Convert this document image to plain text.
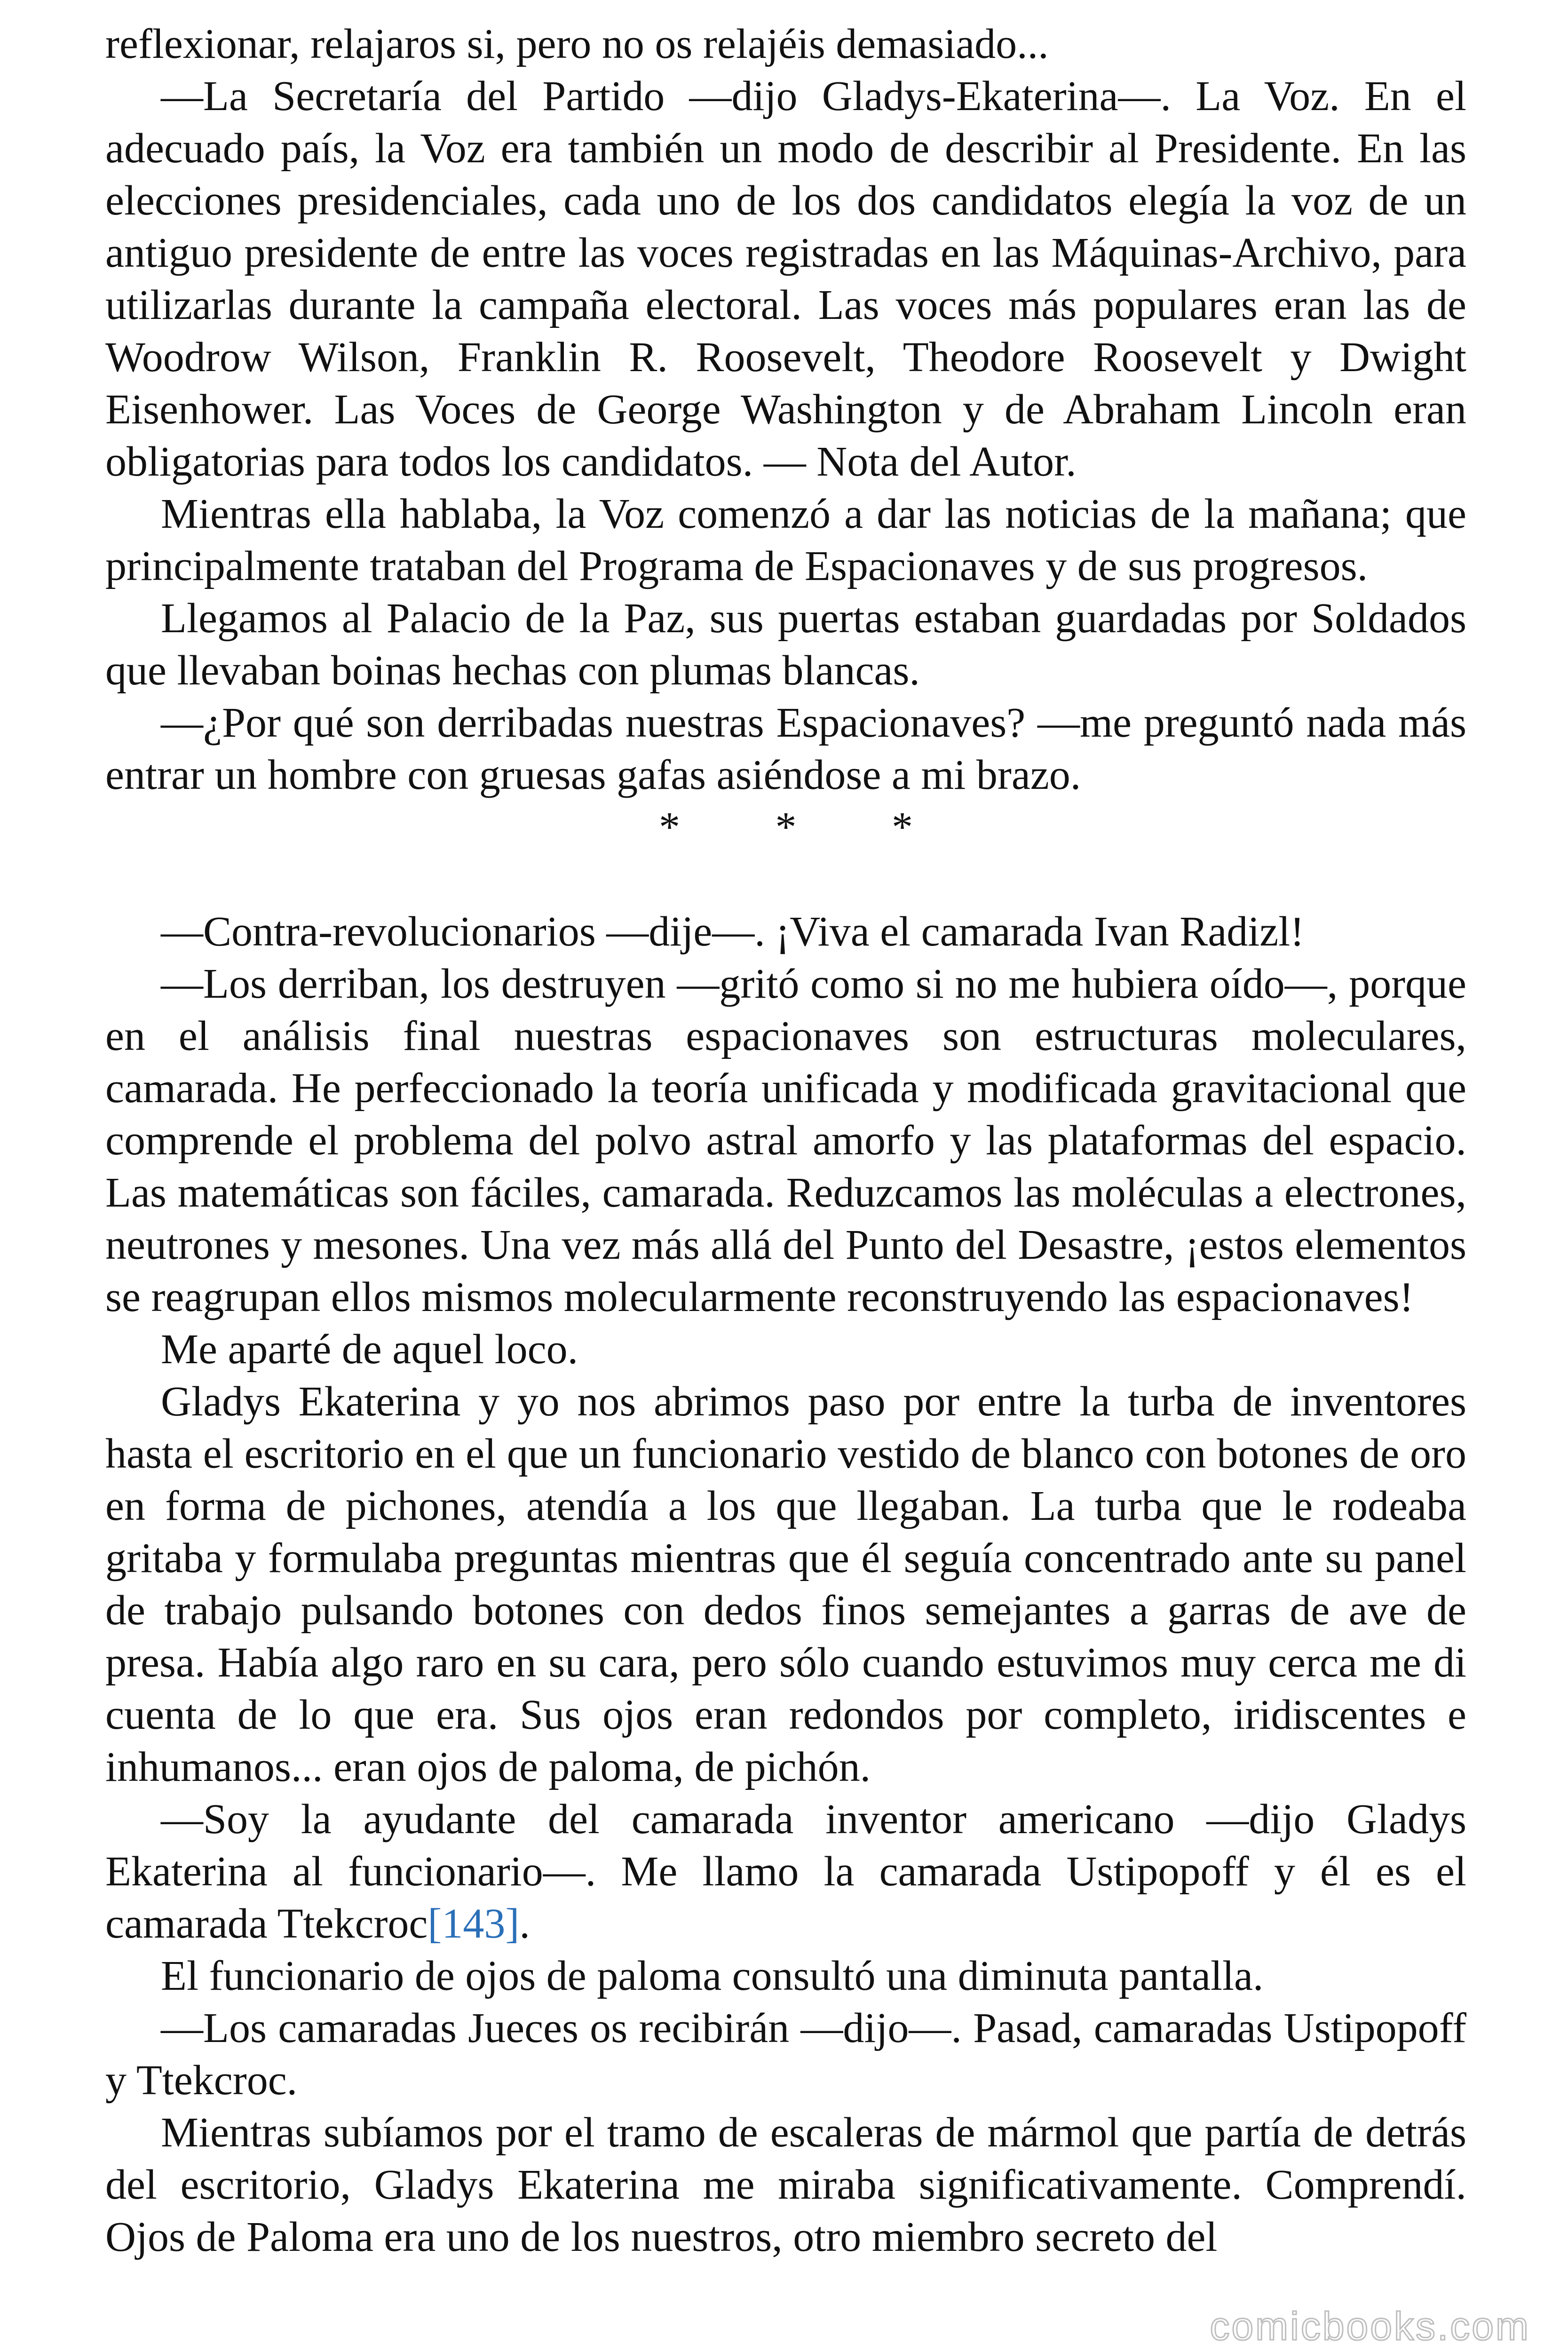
reflexionar, relajaros si, pero no os relajéis demasiado...

—La Secretaría del Partido —dijo Gladys-Ekaterina—. La Voz. En el adecuado país, la Voz era también un modo de describir al Presidente. En las elecciones presidenciales, cada uno de los dos candidatos elegía la voz de un antiguo presidente de entre las voces registradas en las Máquinas-Archivo, para utilizarlas durante la campaña electoral. Las voces más populares eran las de Woodrow Wilson, Franklin R. Roosevelt, Theodore Roosevelt y Dwight Eisenhower. Las Voces de George Washington y de Abraham Lincoln eran obligatorias para todos los candidatos. — Nota del Autor.

Mientras ella hablaba, la Voz comenzó a dar las noticias de la mañana; que principalmente trataban del Programa de Espacionaves y de sus progresos.

Llegamos al Palacio de la Paz, sus puertas estaban guardadas por Soldados que llevaban boinas hechas con plumas blancas.

—¿Por qué son derribadas nuestras Espacionaves? —me preguntó nada más entrar un hombre con gruesas gafas asiéndose a mi brazo.

* * *

—Contra-revolucionarios —dije—. ¡Viva el camarada Ivan Radizl!

—Los derriban, los destruyen —gritó como si no me hubiera oído—, porque en el análisis final nuestras espacionaves son estructuras moleculares, camarada. He perfeccionado la teoría unificada y modificada gravitacional que comprende el problema del polvo astral amorfo y las plataformas del espacio. Las matemáticas son fáciles, camarada. Reduzcamos las moléculas a electrones, neutrones y mesones. Una vez más allá del Punto del Desastre, ¡estos elementos se reagrupan ellos mismos molecularmente reconstruyendo las espacionaves!

Me aparté de aquel loco.

Gladys Ekaterina y yo nos abrimos paso por entre la turba de inventores hasta el escritorio en el que un funcionario vestido de blanco con botones de oro en forma de pichones, atendía a los que llegaban. La turba que le rodeaba gritaba y formulaba preguntas mientras que él seguía concentrado ante su panel de trabajo pulsando botones con dedos finos semejantes a garras de ave de presa. Había algo raro en su cara, pero sólo cuando estuvimos muy cerca me di cuenta de lo que era. Sus ojos eran redondos por completo, iridiscentes e inhumanos... eran ojos de paloma, de pichón.

—Soy la ayudante del camarada inventor americano —dijo Gladys Ekaterina al funcionario—. Me llamo la camarada Ustipopoff y él es el camarada Ttekcroc[143].

El funcionario de ojos de paloma consultó una diminuta pantalla.

—Los camaradas Jueces os recibirán —dijo—. Pasad, camaradas Ustipopoff y Ttekcroc.

Mientras subíamos por el tramo de escaleras de mármol que partía de detrás del escritorio, Gladys Ekaterina me miraba significativamente. Comprendí. Ojos de Paloma era uno de los nuestros, otro miembro secreto del

comicbooks.com
